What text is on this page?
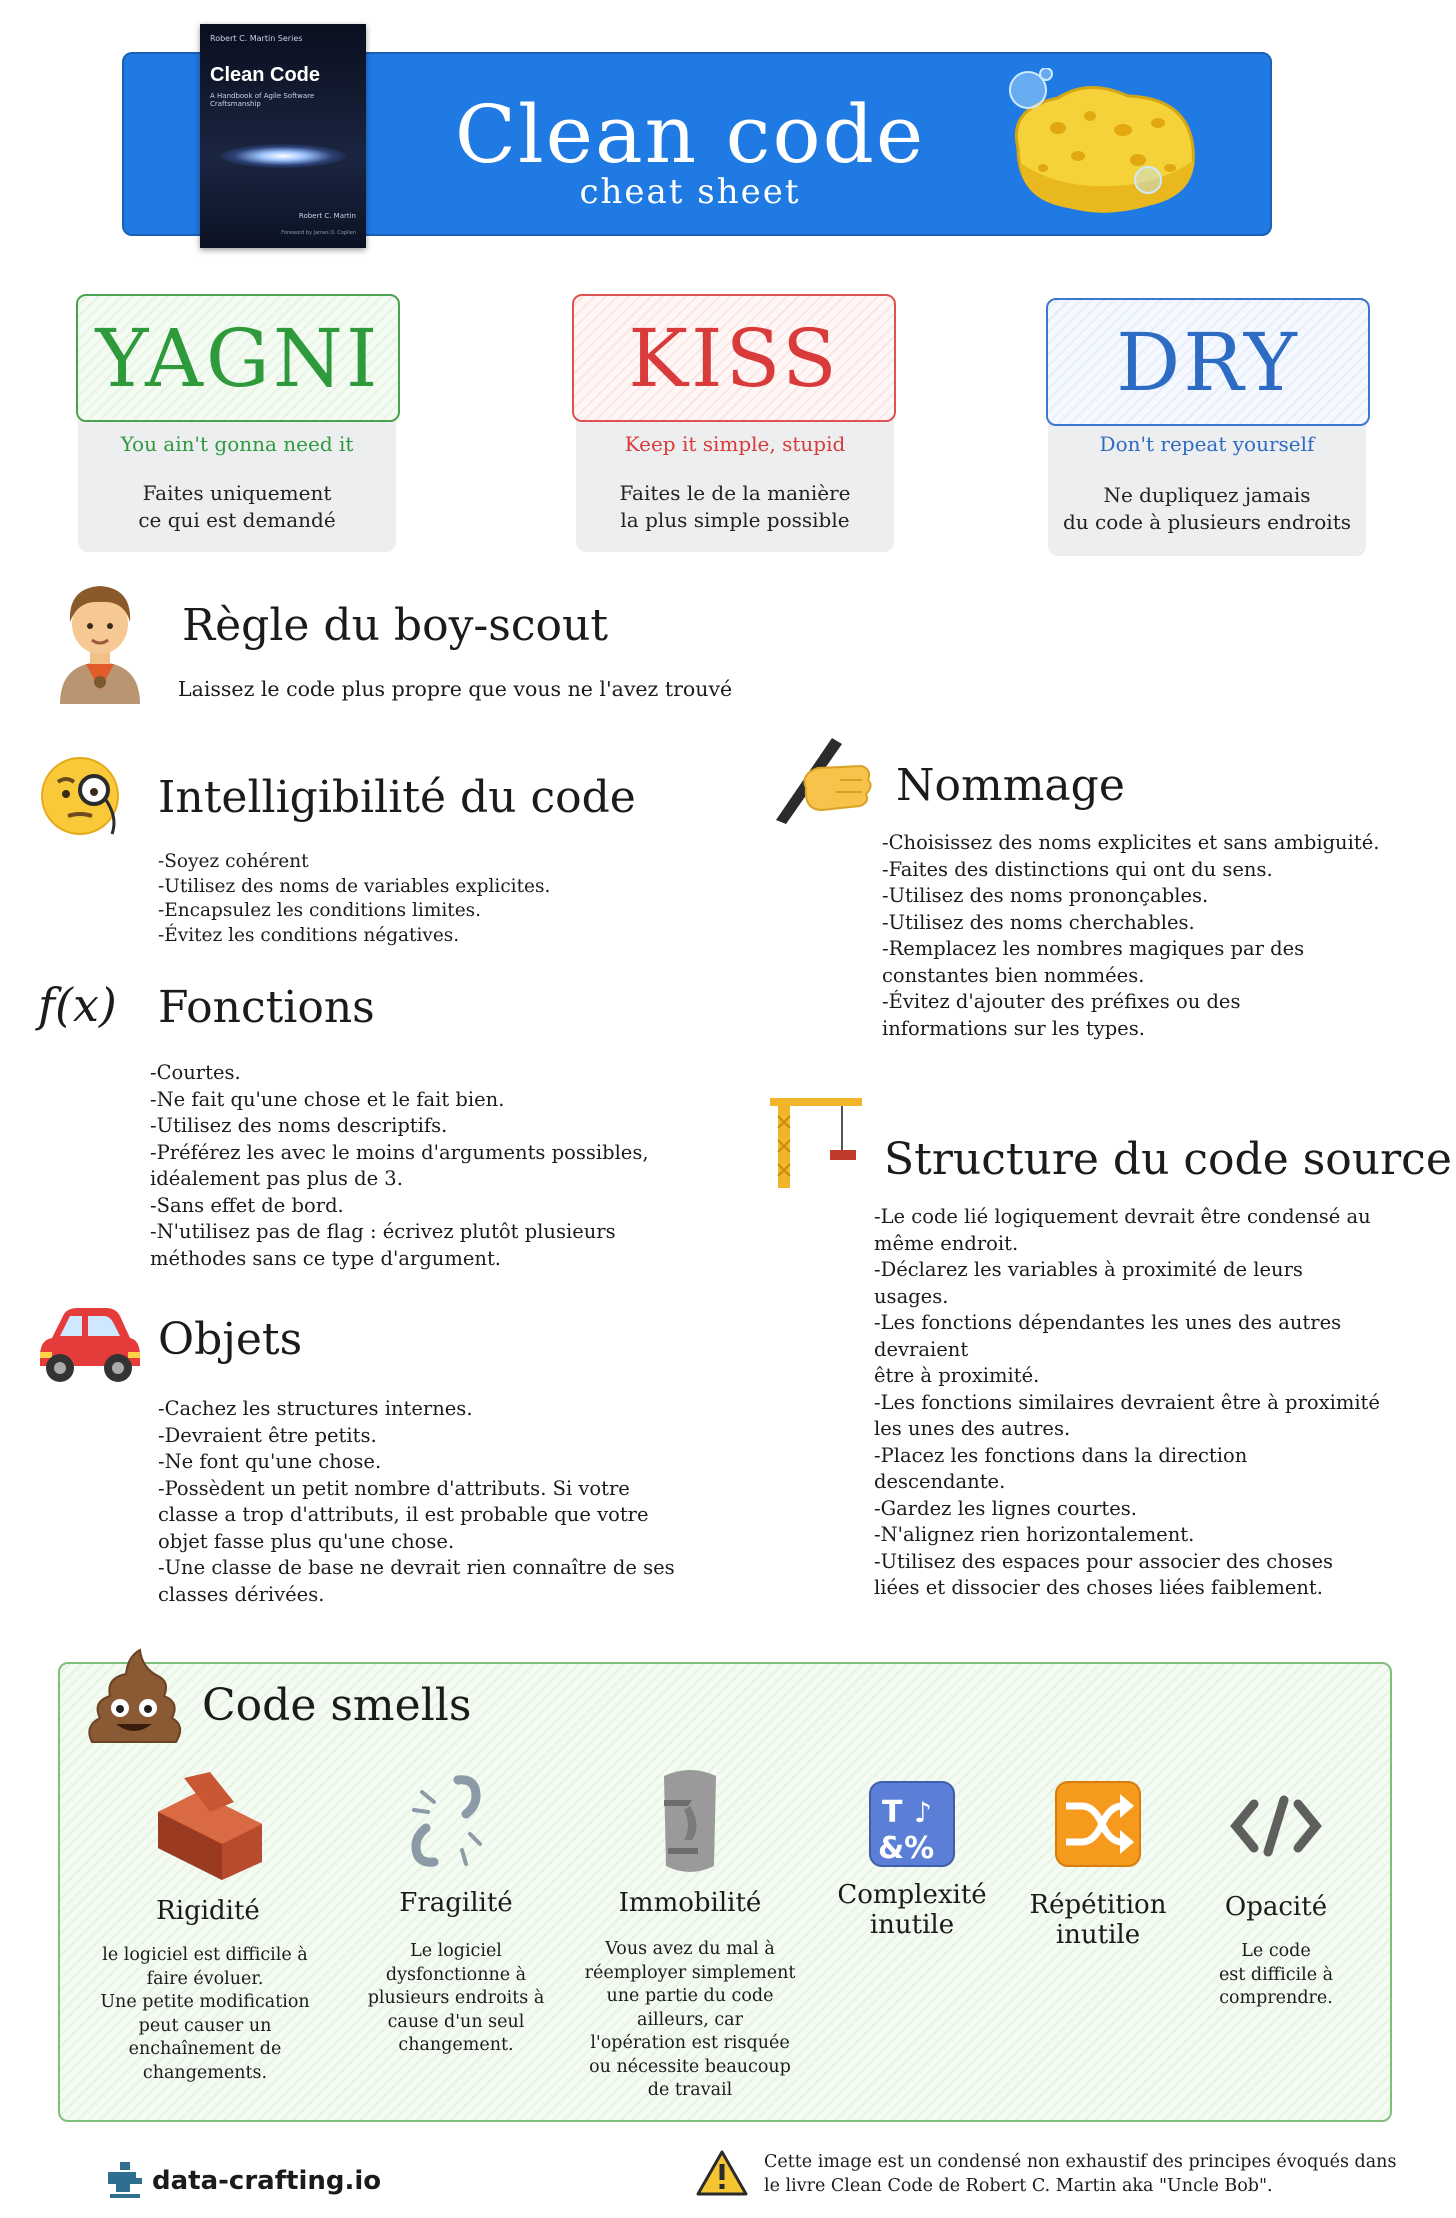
Robert C. Martin Series
Clean Code
A Handbook of Agile Software Craftsmanship
Robert C. Martin
Foreword by James O. Coplien
Clean code
cheat sheet
You ain't gonna need it
Faites uniquement
ce qui est demandé
YAGNI
Keep it simple, stupid
Faites le de la manière
la plus simple possible
KISS
Don't repeat yourself
Ne dupliquez jamais
du code à plusieurs endroits
DRY
Règle du boy-scout
Laissez le code plus propre que vous ne l'avez trouvé
Intelligibilité du code
-Soyez cohérent
-Utilisez des noms de variables explicites.
-Encapsulez les conditions limites.
-Évitez les conditions négatives.
f(x) Fonctions
-Courtes.
-Ne fait qu'une chose et le fait bien.
-Utilisez des noms descriptifs.
-Préférez les avec le moins d'arguments possibles,
idéalement pas plus de 3.
-Sans effet de bord.
-N'utilisez pas de flag : écrivez plutôt plusieurs
méthodes sans ce type d'argument.
Objets
-Cachez les structures internes.
-Devraient être petits.
-Ne font qu'une chose.
-Possèdent un petit nombre d'attributs. Si votre
classe a trop d'attributs, il est probable que votre
objet fasse plus qu'une chose.
-Une classe de base ne devrait rien connaître de ses
classes dérivées.
Nommage
-Choisissez des noms explicites et sans ambiguité.
-Faites des distinctions qui ont du sens.
-Utilisez des noms prononçables.
-Utilisez des noms cherchables.
-Remplacez les nombres magiques par des
constantes bien nommées.
-Évitez d'ajouter des préfixes ou des
informations sur les types.
Structure du code source
-Le code lié logiquement devrait être condensé au
même endroit.
-Déclarez les variables à proximité de leurs
usages.
-Les fonctions dépendantes les unes des autres
devraient
être à proximité.
-Les fonctions similaires devraient être à proximité
les unes des autres.
-Placez les fonctions dans la direction
descendante.
-Gardez les lignes courtes.
-N'alignez rien horizontalement.
-Utilisez des espaces pour associer des choses
liées et dissocier des choses liées faiblement.
Code smells
Rigidité
le logiciel est difficile à
faire évoluer.
Une petite modification
peut causer un
enchaînement de
changements.
Fragilité
Le logiciel
dysfonctionne à
plusieurs endroits à
cause d'un seul
changement.
Immobilité
Vous avez du mal à
réemployer simplement
une partie du code
ailleurs, car
l'opération est risquée
ou nécessite beaucoup
de travail
T ♪
&%
Complexité
inutile
Répétition
inutile
Opacité
Le code
est difficile à
comprendre.
data-crafting.io
Cette image est un condensé non exhaustif des principes évoqués dans
le livre Clean Code de Robert C. Martin aka "Uncle Bob".
